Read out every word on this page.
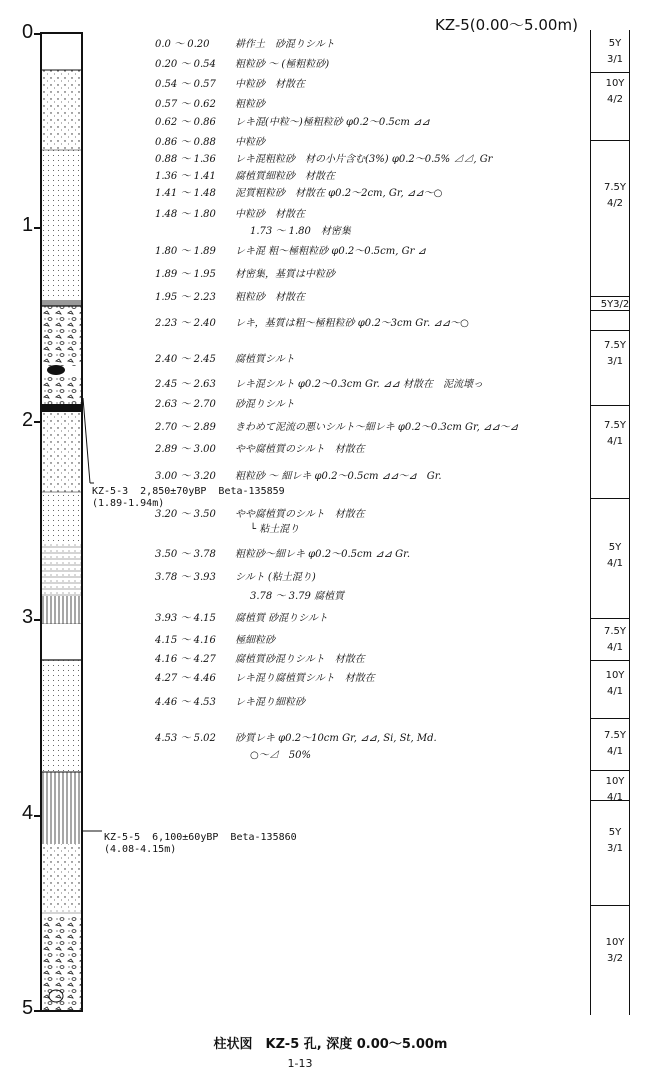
KZ-5(0.00～5.00m)
0
1
2
3
4
5
KZ-5-3  2,850±70yBP  Beta-135859
(1.89-1.94m)
KZ-5-5  6,100±60yBP  Beta-135860
(4.08-4.15m)
0.0 ～ 0.20	耕作土　砂混りシルト
0.20 ～ 0.54 粗粒砂 ～ (極粗粒砂)
0.54 ～ 0.57 中粒砂　材散在
0.57 ～ 0.62 粗粒砂
0.62 ～ 0.86 レキ混(中粒～)極粗粒砂 φ0.2～0.5cm ⊿⊿
0.86 ～ 0.88 中粒砂
0.88 ～ 1.36 レキ混粗粒砂　材の小片含む(3%) φ0.2～0.5% ⊿⊿, Gr
1.36 ～ 1.41 腐植質細粒砂　材散在
1.41 ～ 1.48 泥質粗粒砂　材散在 φ0.2～2cm, Gr, ⊿⊿～○
1.48 ～ 1.80 中粒砂　材散在
1.73 ～ 1.80　材密集
1.80 ～ 1.89 レキ混 粗～極粗粒砂 φ0.2～0.5cm, Gr ⊿
1.89 ～ 1.95 材密集，基質は中粒砂
1.95 ～ 2.23 粗粒砂　材散在
2.23 ～ 2.40 レキ，基質は粗～極粗粒砂 φ0.2～3cm Gr. ⊿⊿～○
2.40 ～ 2.45 腐植質シルト
2.45 ～ 2.63 レキ混シルト φ0.2～0.3cm Gr. ⊿⊿ 材散在　泥流壊っ
2.63 ～ 2.70 砂混りシルト
2.70 ～ 2.89 きわめて泥流の悪いシルト～細レキ φ0.2～0.3cm Gr, ⊿⊿～⊿
2.89 ～ 3.00 やや腐植質のシルト　材散在
3.00 ～ 3.20 粗粒砂 ～ 細レキ φ0.2～0.5cm ⊿⊿～⊿　Gr.
3.20 ～ 3.50 やや腐植質のシルト　材散在
└ 粘土混り
3.50 ～ 3.78 粗粒砂～細レキ φ0.2～0.5cm ⊿⊿ Gr.
3.78 ～ 3.93 シルト (粘土混り)
3.78 ～ 3.79 腐植質
3.93 ～ 4.15 腐植質 砂混りシルト
4.15 ～ 4.16 極細粒砂
4.16 ～ 4.27 腐植質砂混りシルト　材散在
4.27 ～ 4.46 レキ混り腐植質シルト　材散在
4.46 ～ 4.53 レキ混り細粒砂
4.53 ～ 5.02 砂質レキ φ0.2～10cm Gr, ⊿⊿, Si, St, Md.
○～⊿　50%
5Y
3/1
10Y
4/2
7.5Y
4/2
5Y3/2
7.5Y
3/1
7.5Y
4/1
5Y
4/1
7.5Y
4/1
10Y
4/1
7.5Y
4/1
10Y
4/1
5Y
3/1
10Y
3/2
柱状図　KZ-5 孔, 深度 0.00～5.00m
1-13
